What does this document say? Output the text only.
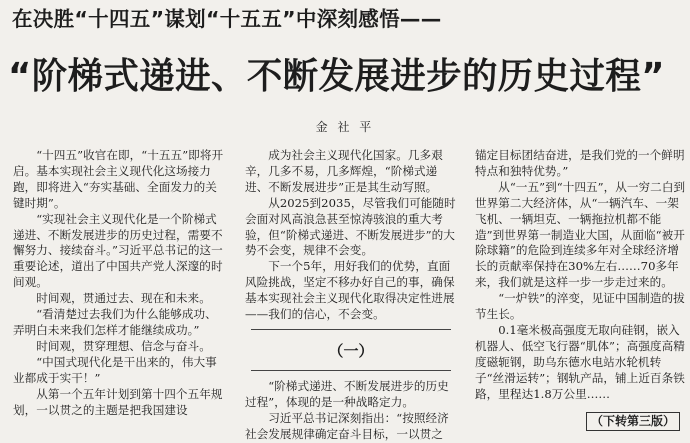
在决胜“十四五”谋划“十五五”中深刻感悟——
“阶梯式递进、不断发展进步的历史过程”
金 社 平

“十四五”收官在即，“十五五”即将开启。基本实现社会主义现代化这场接力跑，即将进入“夯实基础、全面发力的关键时期”。

“实现社会主义现代化是一个阶梯式递进、不断发展进步的历史过程，需要不懈努力、接续奋斗。”习近平总书记的这一重要论述，道出了中国共产党人深邃的时间观。

时间观，贯通过去、现在和未来。

“看清楚过去我们为什么能够成功、弄明白未来我们怎样才能继续成功。”

时间观，贯穿理想、信念与奋斗。

“中国式现代化是干出来的，伟大事业都成于实干！”

从第一个五年计划到第十四个五年规划，一以贯之的主题是把我国建设

成为社会主义现代化国家。几多艰辛，几多不易，几多辉煌，“阶梯式递进、不断发展进步”正是其生动写照。

从2025到2035，尽管我们可能随时会面对风高浪急甚至惊涛骇浪的重大考验，但“阶梯式递进、不断发展进步”的大势不会变，规律不会变。

下一个5年，用好我们的优势，直面风险挑战，坚定不移办好自己的事，确保基本实现社会主义现代化取得决定性进展——我们的信心，不会变。

（一）

“阶梯式递进、不断发展进步的历史过程”，体现的是一种战略定力。

习近平总书记深刻指出：“按照经济社会发展规律确定奋斗目标，一以贯之

锚定目标团结奋进，是我们党的一个鲜明特点和独特优势。”

从“一五”到“十四五”，从一穷二白到世界第二大经济体，从“一辆汽车、一架飞机、一辆坦克、一辆拖拉机都不能造”到世界第一制造业大国，从面临“被开除球籍”的危险到连续多年对全球经济增长的贡献率保持在30%左右……70多年来，我们就是这样一步一步走过来的。

“一炉铁”的淬变，见证中国制造的拔节生长。

0.1毫米极高强度无取向硅钢，嵌入机器人、低空飞行器“肌体”；高强度高精度磁轭钢，助乌东德水电站水轮机转子“丝滑运转”；钢轨产品，铺上近百条铁路，里程达1.8万公里……

（下转第三版）
